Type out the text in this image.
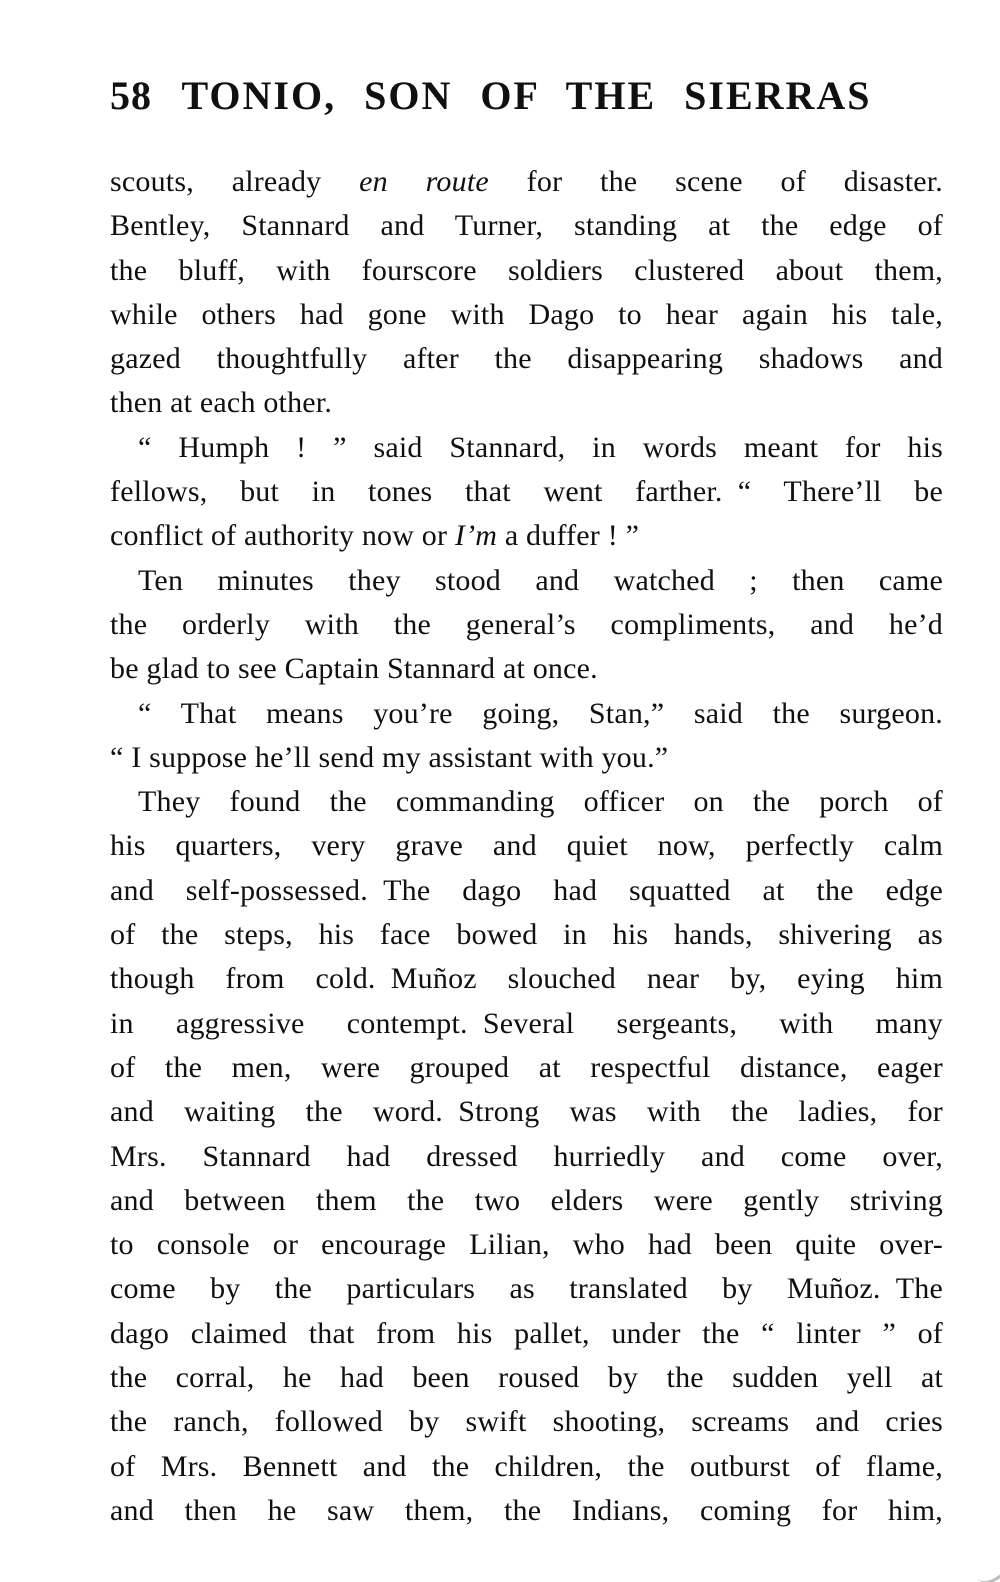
58 TONIO, SON OF THE SIERRAS
scouts, already en route for the scene of disaster.
Bentley, Stannard and Turner, standing at the edge of
the bluff, with fourscore soldiers clustered about them,
while others had gone with Dago to hear again his tale,
gazed thoughtfully after the disappearing shadows and
then at each other.
“ Humph ! ” said Stannard, in words meant for his
fellows, but in tones that went farther. “ There’ll be
conflict of authority now or I’m a duffer ! ”
Ten minutes they stood and watched ; then came
the orderly with the general’s compliments, and he’d
be glad to see Captain Stannard at once.
“ That means you’re going, Stan,” said the surgeon.
“ I suppose he’ll send my assistant with you.”
They found the commanding officer on the porch of
his quarters, very grave and quiet now, perfectly calm
and self-possessed. The dago had squatted at the edge
of the steps, his face bowed in his hands, shivering as
though from cold. Muñoz slouched near by, eying him
in aggressive contempt. Several sergeants, with many
of the men, were grouped at respectful distance, eager
and waiting the word. Strong was with the ladies, for
Mrs. Stannard had dressed hurriedly and come over,
and between them the two elders were gently striving
to console or encourage Lilian, who had been quite over-
come by the particulars as translated by Muñoz. The
dago claimed that from his pallet, under the “ linter ” of
the corral, he had been roused by the sudden yell at
the ranch, followed by swift shooting, screams and cries
of Mrs. Bennett and the children, the outburst of flame,
and then he saw them, the Indians, coming for him,
